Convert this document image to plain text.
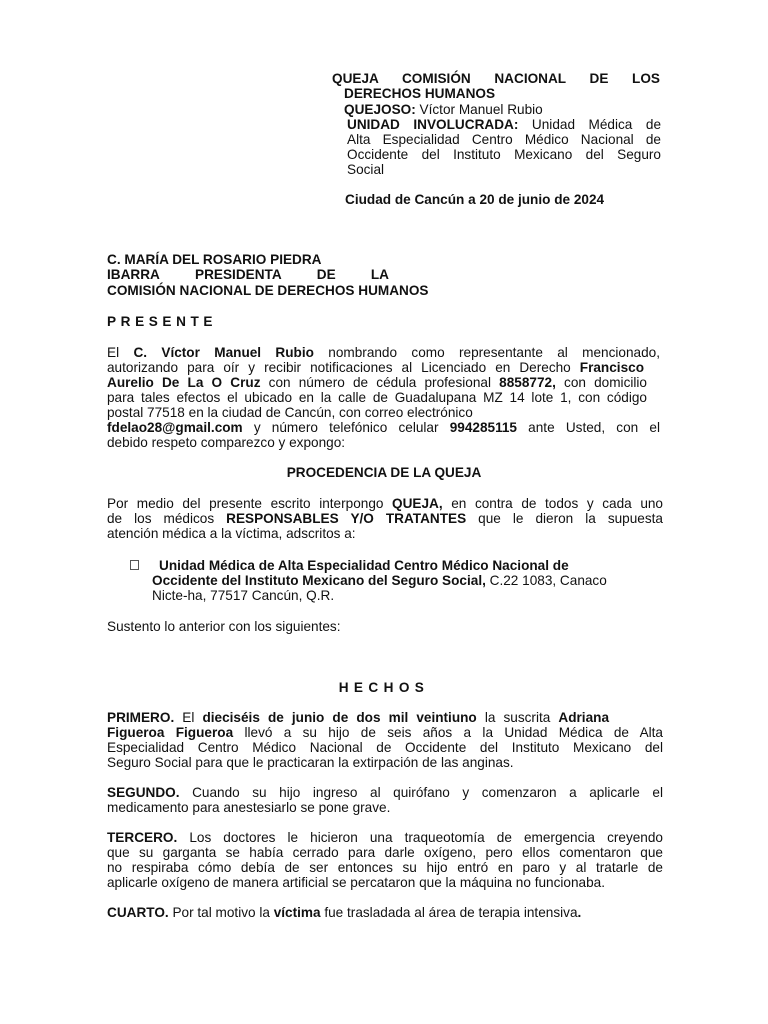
QUEJA COMISIÓN NACIONAL DE LOS
DERECHOS HUMANOS
QUEJOSO: Víctor Manuel Rubio
UNIDAD INVOLUCRADA: Unidad Médica de
Alta Especialidad Centro Médico Nacional de
Occidente del Instituto Mexicano del Seguro
Social
Ciudad de Cancún a 20 de junio de 2024
C. MARÍA DEL ROSARIO PIEDRA
IBARRA	PRESIDENTA	DE	LA
COMISIÓN NACIONAL DE DERECHOS HUMANOS
PRESENTE
El C. Víctor Manuel Rubio nombrando como representante al mencionado,
autorizando para oír y recibir notificaciones al Licenciado en Derecho Francisco
Aurelio De La O Cruz con número de cédula profesional 8858772, con domicilio
para tales efectos el ubicado en la calle de Guadalupana MZ 14 lote 1, con código
postal 77518 en la ciudad de Cancún, con correo electrónico
fdelao28@gmail.com y número telefónico celular 994285115 ante Usted, con el
debido respeto comparezco y expongo:
PROCEDENCIA DE LA QUEJA
Por medio del presente escrito interpongo QUEJA, en contra de todos y cada uno
de los médicos RESPONSABLES Y/O TRATANTES que le dieron la supuesta
atención médica a la víctima, adscritos a:
Unidad Médica de Alta Especialidad Centro Médico Nacional de
Occidente del Instituto Mexicano del Seguro Social, C.22 1083, Canaco
Nicte-ha, 77517 Cancún, Q.R.
Sustento lo anterior con los siguientes:
HECHOS
PRIMERO. El dieciséis de junio de dos mil veintiuno la suscrita Adriana
Figueroa Figueroa llevó a su hijo de seis años a la Unidad Médica de Alta
Especialidad Centro Médico Nacional de Occidente del Instituto Mexicano del
Seguro Social para que le practicaran la extirpación de las anginas.
SEGUNDO. Cuando su hijo ingreso al quirófano y comenzaron a aplicarle el
medicamento para anestesiarlo se pone grave.
TERCERO. Los doctores le hicieron una traqueotomía de emergencia creyendo
que su garganta se había cerrado para darle oxígeno, pero ellos comentaron que
no respiraba cómo debía de ser entonces su hijo entró en paro y al tratarle de
aplicarle oxígeno de manera artificial se percataron que la máquina no funcionaba.
CUARTO. Por tal motivo la víctima fue trasladada al área de terapia intensiva.
